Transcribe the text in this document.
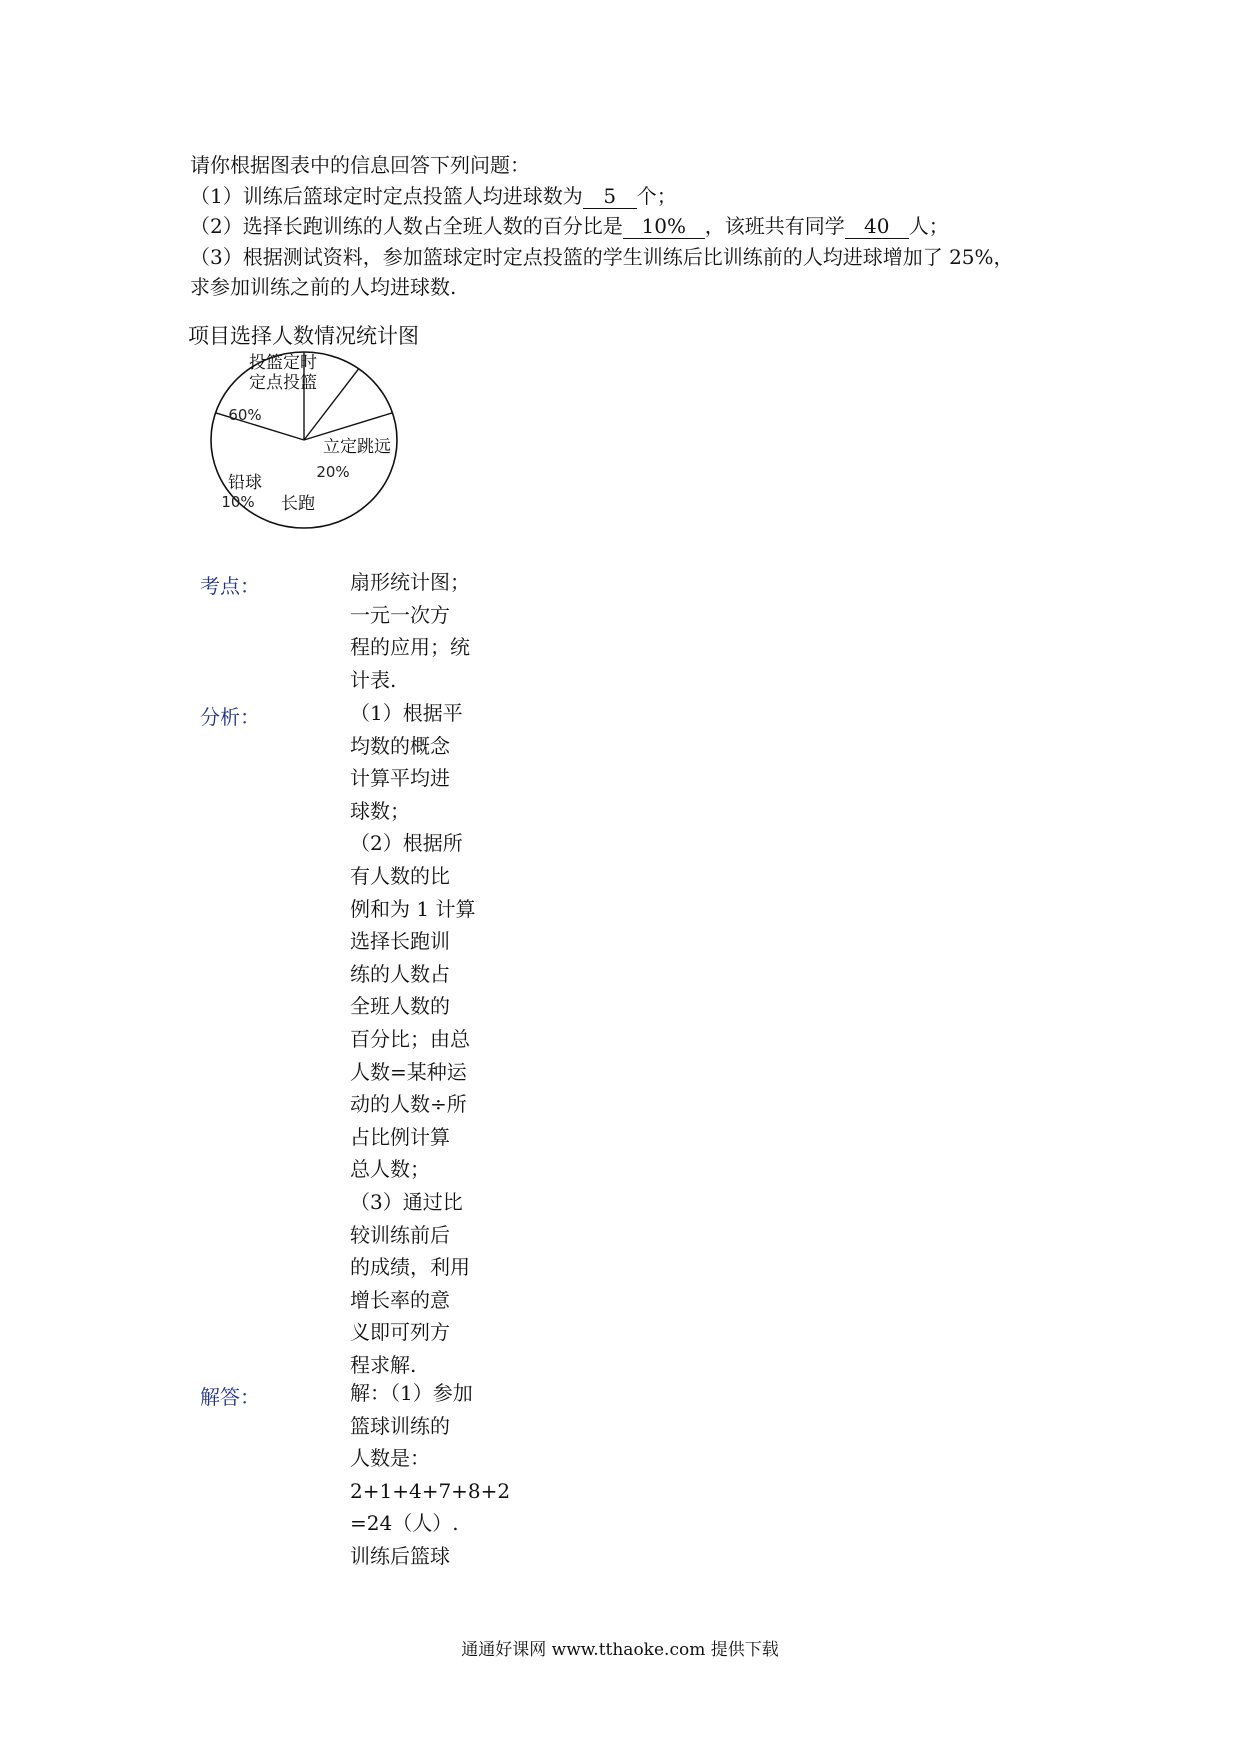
请你根据图表中的信息回答下列问题：

（1）训练后篮球定时定点投篮人均进球数为 5 个；

（2）选择长跑训练的人数占全班人数的百分比是 10% ，该班共有同学 40 人；

（3）根据测试资料，参加篮球定时定点投篮的学生训练后比训练前的人均进球增加了 25%，

求参加训练之前的人均进球数.

项目选择人数情况统计图
投篮定时
定点投篮
60%
立定跳远
20%
长跑
铅球
10%
考点：	扇形统计图；
一元一次方
程的应用；统
计表.
分析：	（1）根据平
均数的概念
计算平均进
球数；
（2）根据所
有人数的比
例和为 1 计算
选择长跑训
练的人数占
全班人数的
百分比；由总
人数=某种运
动的人数÷所
占比例计算
总人数；
（3）通过比
较训练前后
的成绩，利用
增长率的意
义即可列方
程求解.
解答：	解：（1）参加
篮球训练的
人数是：
2+1+4+7+8+2
=24（人）.
训练后篮球
通通好课网 www.tthaoke.com 提供下载
